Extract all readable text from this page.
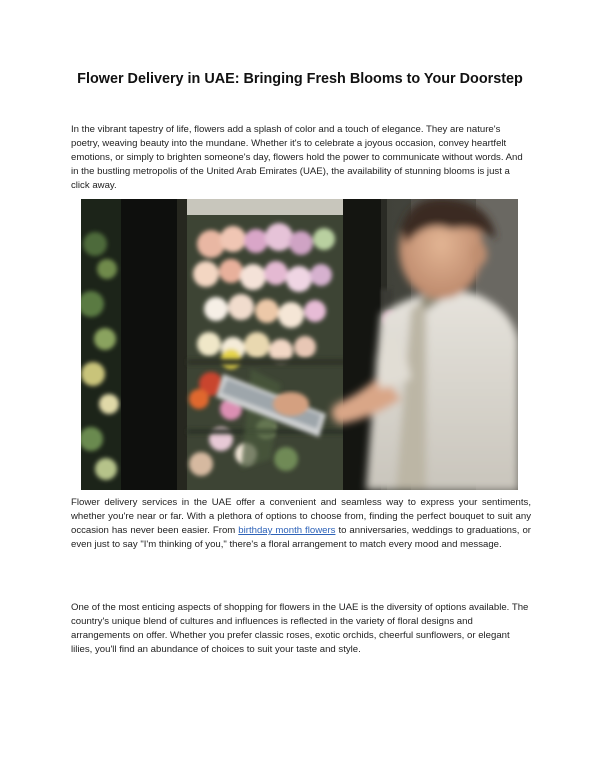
Flower Delivery in UAE: Bringing Fresh Blooms to Your Doorstep

In the vibrant tapestry of life, flowers add a splash of color and a touch of elegance. They are nature's poetry, weaving beauty into the mundane. Whether it's to celebrate a joyous occasion, convey heartfelt emotions, or simply to brighten someone's day, flowers hold the power to communicate without words. And in the bustling metropolis of the United Arab Emirates (UAE), the availability of stunning blooms is just a click away.

Flower delivery services in the UAE offer a convenient and seamless way to express your sentiments, whether you're near or far. With a plethora of options to choose from, finding the perfect bouquet to suit any occasion has never been easier. From birthday month flowers to anniversaries, weddings to graduations, or even just to say "I'm thinking of you," there's a floral arrangement to match every mood and message.

One of the most enticing aspects of shopping for flowers in the UAE is the diversity of options available. The country's unique blend of cultures and influences is reflected in the variety of floral designs and arrangements on offer. Whether you prefer classic roses, exotic orchids, cheerful sunflowers, or elegant lilies, you'll find an abundance of choices to suit your taste and style.
